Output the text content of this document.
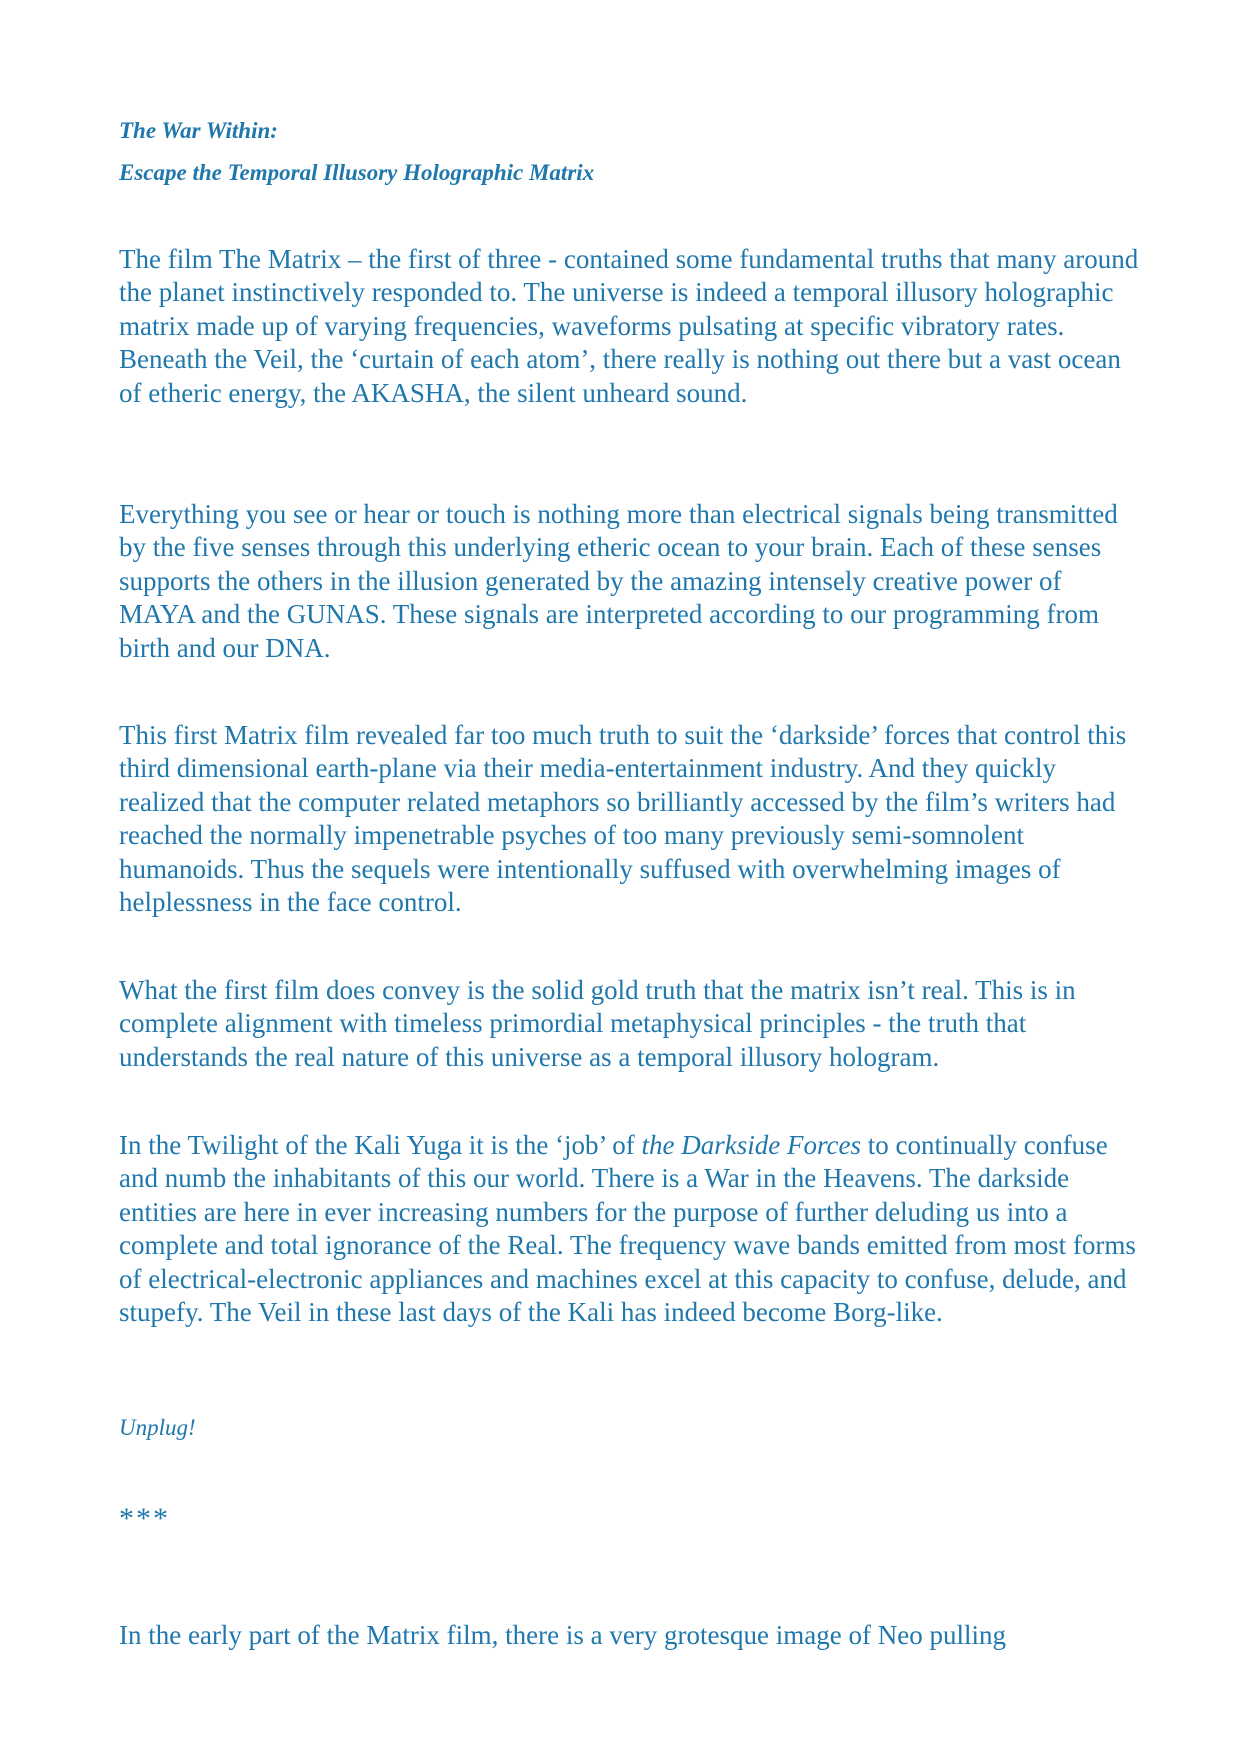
The War Within:
Escape the Temporal Illusory Holographic Matrix

The film The Matrix – the first of three - contained some fundamental truths that many around the planet instinctively responded to. The universe is indeed a temporal illusory holographic matrix made up of varying frequencies, waveforms pulsating at specific vibratory rates. Beneath the Veil, the ‘curtain of each atom’, there really is nothing out there but a vast ocean of etheric energy, the AKASHA, the silent unheard sound.

Everything you see or hear or touch is nothing more than electrical signals being transmitted by the five senses through this underlying etheric ocean to your brain. Each of these senses supports the others in the illusion generated by the amazing intensely creative power of MAYA and the GUNAS. These signals are interpreted according to our programming from birth and our DNA.

This first Matrix film revealed far too much truth to suit the ‘darkside’ forces that control this third dimensional earth-plane via their media-entertainment industry. And they quickly realized that the computer related metaphors so brilliantly accessed by the film’s writers had reached the normally impenetrable psyches of too many previously semi-somnolent humanoids. Thus the sequels were intentionally suffused with overwhelming images of helplessness in the face control.

What the first film does convey is the solid gold truth that the matrix isn’t real. This is in complete alignment with timeless primordial metaphysical principles - the truth that understands the real nature of this universe as a temporal illusory hologram.

In the Twilight of the Kali Yuga it is the ‘job’ of the Darkside Forces to continually confuse and numb the inhabitants of this our world. There is a War in the Heavens. The darkside entities are here in ever increasing numbers for the purpose of further deluding us into a complete and total ignorance of the Real. The frequency wave bands emitted from most forms of electrical-electronic appliances and machines excel at this capacity to confuse, delude, and stupefy. The Veil in these last days of the Kali has indeed become Borg-like.

Unplug!
***

In the early part of the Matrix film, there is a very grotesque image of Neo pulling
